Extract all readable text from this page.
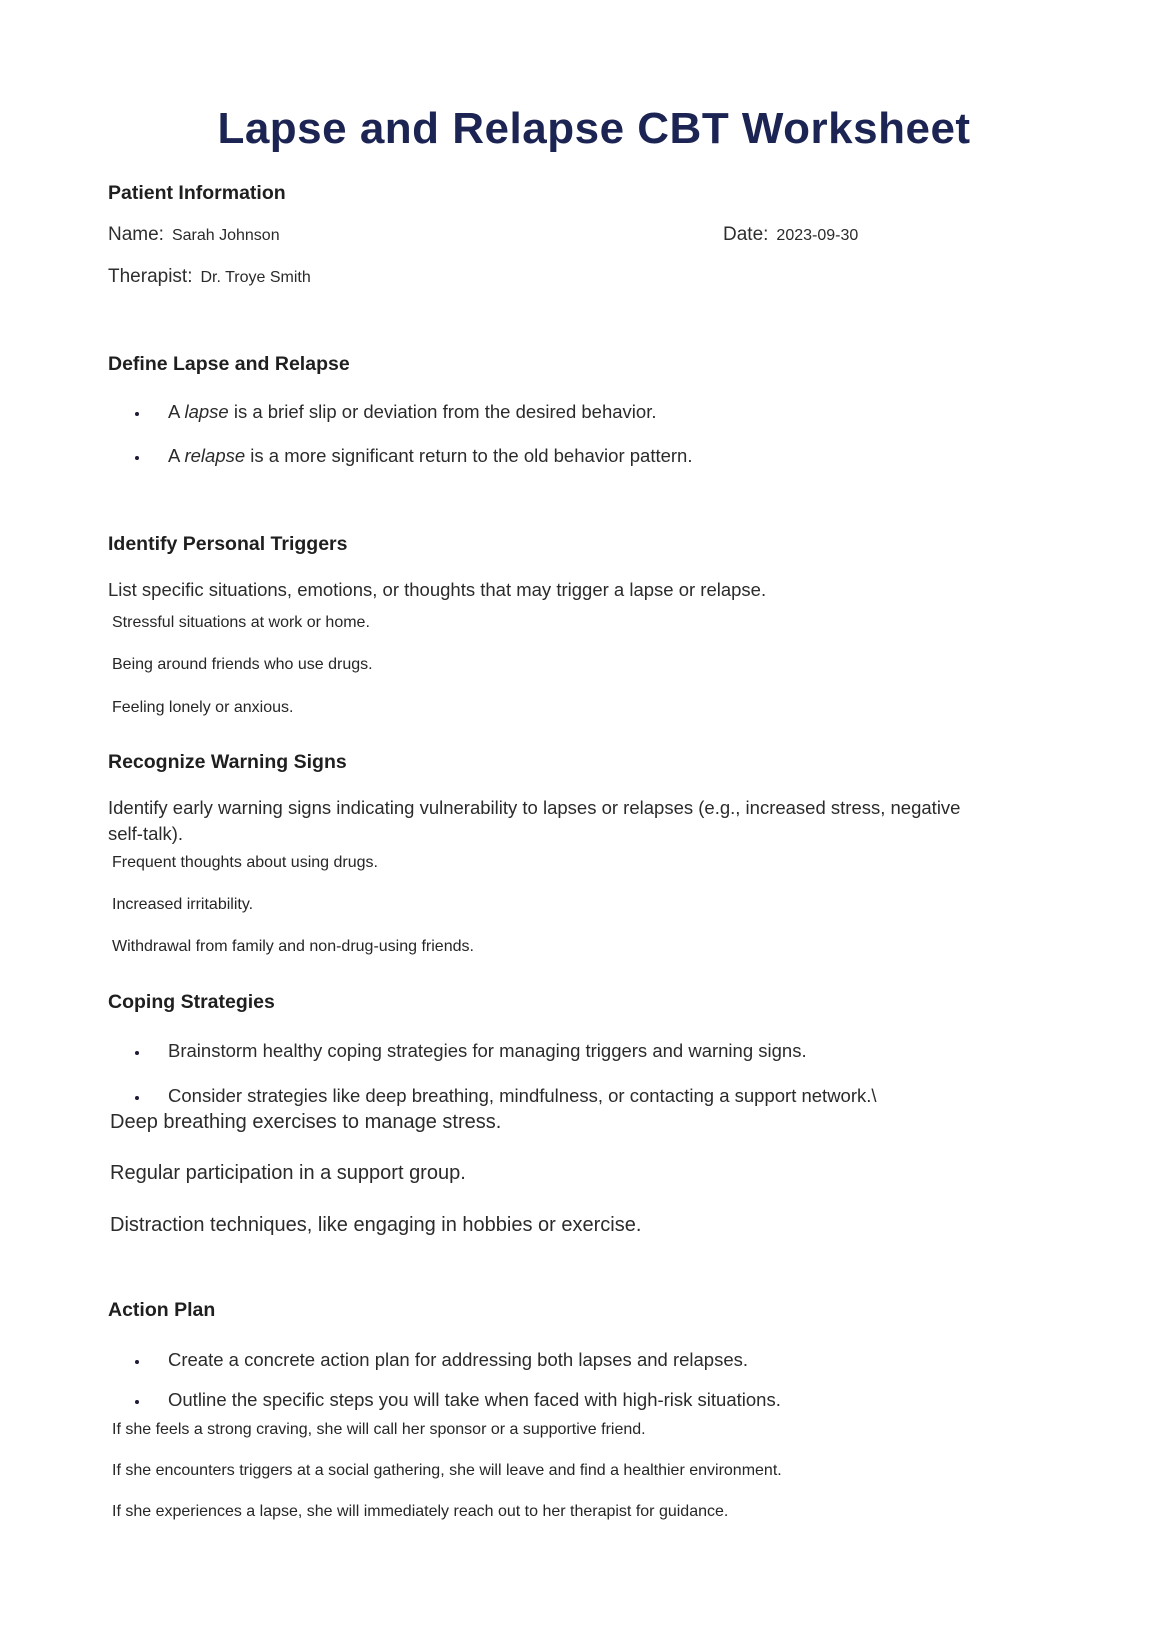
Lapse and Relapse CBT Worksheet
Patient Information
Name: Sarah Johnson	Date: 2023-09-30
Therapist: Dr. Troye Smith
Define Lapse and Relapse
• A lapse is a brief slip or deviation from the desired behavior.
• A relapse is a more significant return to the old behavior pattern.
Identify Personal Triggers

List specific situations, emotions, or thoughts that may trigger a lapse or relapse.

Stressful situations at work or home.

Being around friends who use drugs.

Feeling lonely or anxious.

Recognize Warning Signs

Identify early warning signs indicating vulnerability to lapses or relapses (e.g., increased stress, negative self-talk).

Frequent thoughts about using drugs.

Increased irritability.

Withdrawal from family and non-drug-using friends.

Coping Strategies
• Brainstorm healthy coping strategies for managing triggers and warning signs.
• Consider strategies like deep breathing, mindfulness, or contacting a support network.\

Deep breathing exercises to manage stress.

Regular participation in a support group.

Distraction techniques, like engaging in hobbies or exercise.

Action Plan
• Create a concrete action plan for addressing both lapses and relapses.
• Outline the specific steps you will take when faced with high-risk situations.

If she feels a strong craving, she will call her sponsor or a supportive friend.

If she encounters triggers at a social gathering, she will leave and find a healthier environment.

If she experiences a lapse, she will immediately reach out to her therapist for guidance.
